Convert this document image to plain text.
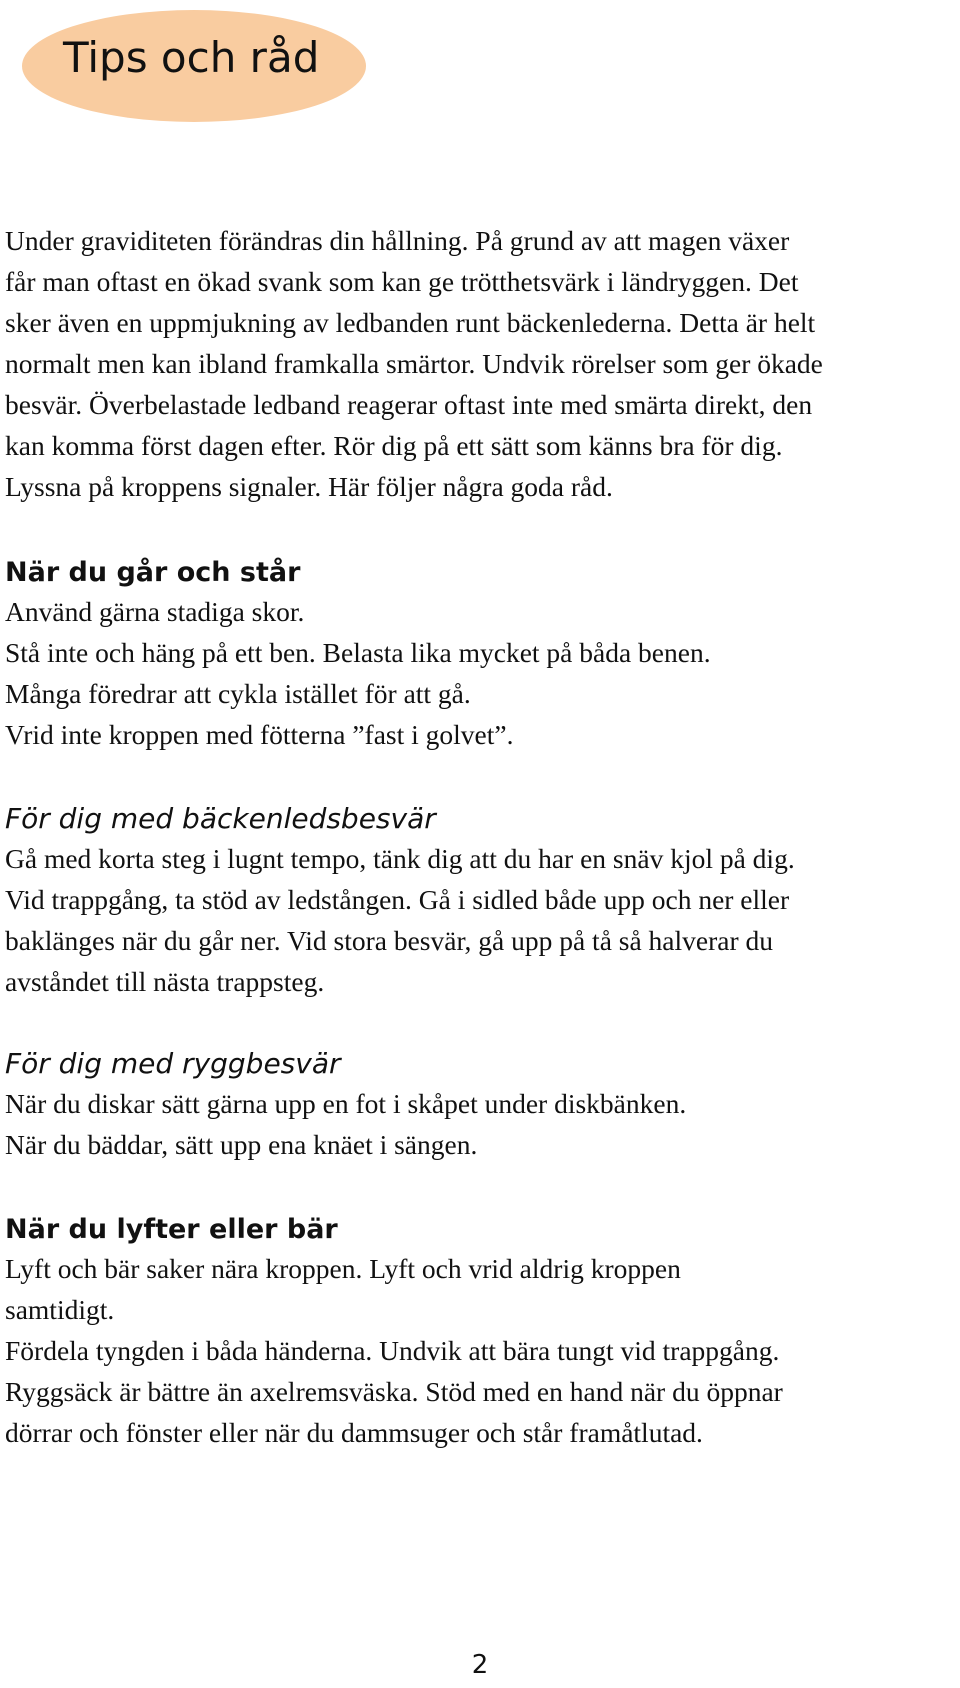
Tips och råd
Under graviditeten förändras din hållning. På grund av att magen växer
får man oftast en ökad svank som kan ge trötthetsvärk i ländryggen. Det
sker även en uppmjukning av ledbanden runt bäckenlederna. Detta är helt
normalt men kan ibland framkalla smärtor. Undvik rörelser som ger ökade
besvär. Överbelastade ledband reagerar oftast inte med smärta direkt, den
kan komma först dagen efter. Rör dig på ett sätt som känns bra för dig.
Lyssna på kroppens signaler. Här följer några goda råd.
När du går och står
Använd gärna stadiga skor.
Stå inte och häng på ett ben. Belasta lika mycket på båda benen.
Många föredrar att cykla istället för att gå.
Vrid inte kroppen med fötterna ”fast i golvet”.
För dig med bäckenledsbesvär
Gå med korta steg i lugnt tempo, tänk dig att du har en snäv kjol på dig.
Vid trappgång, ta stöd av ledstången. Gå i sidled både upp och ner eller
baklänges när du går ner. Vid stora besvär, gå upp på tå så halverar du
avståndet till nästa trappsteg.
För dig med ryggbesvär
När du diskar sätt gärna upp en fot i skåpet under diskbänken.
När du bäddar, sätt upp ena knäet i sängen.
När du lyfter eller bär
Lyft och bär saker nära kroppen. Lyft och vrid aldrig kroppen
samtidigt.
Fördela tyngden i båda händerna. Undvik att bära tungt vid trappgång.
Ryggsäck är bättre än axelremsväska. Stöd med en hand när du öppnar
dörrar och fönster eller när du dammsuger och står framåtlutad.
2
